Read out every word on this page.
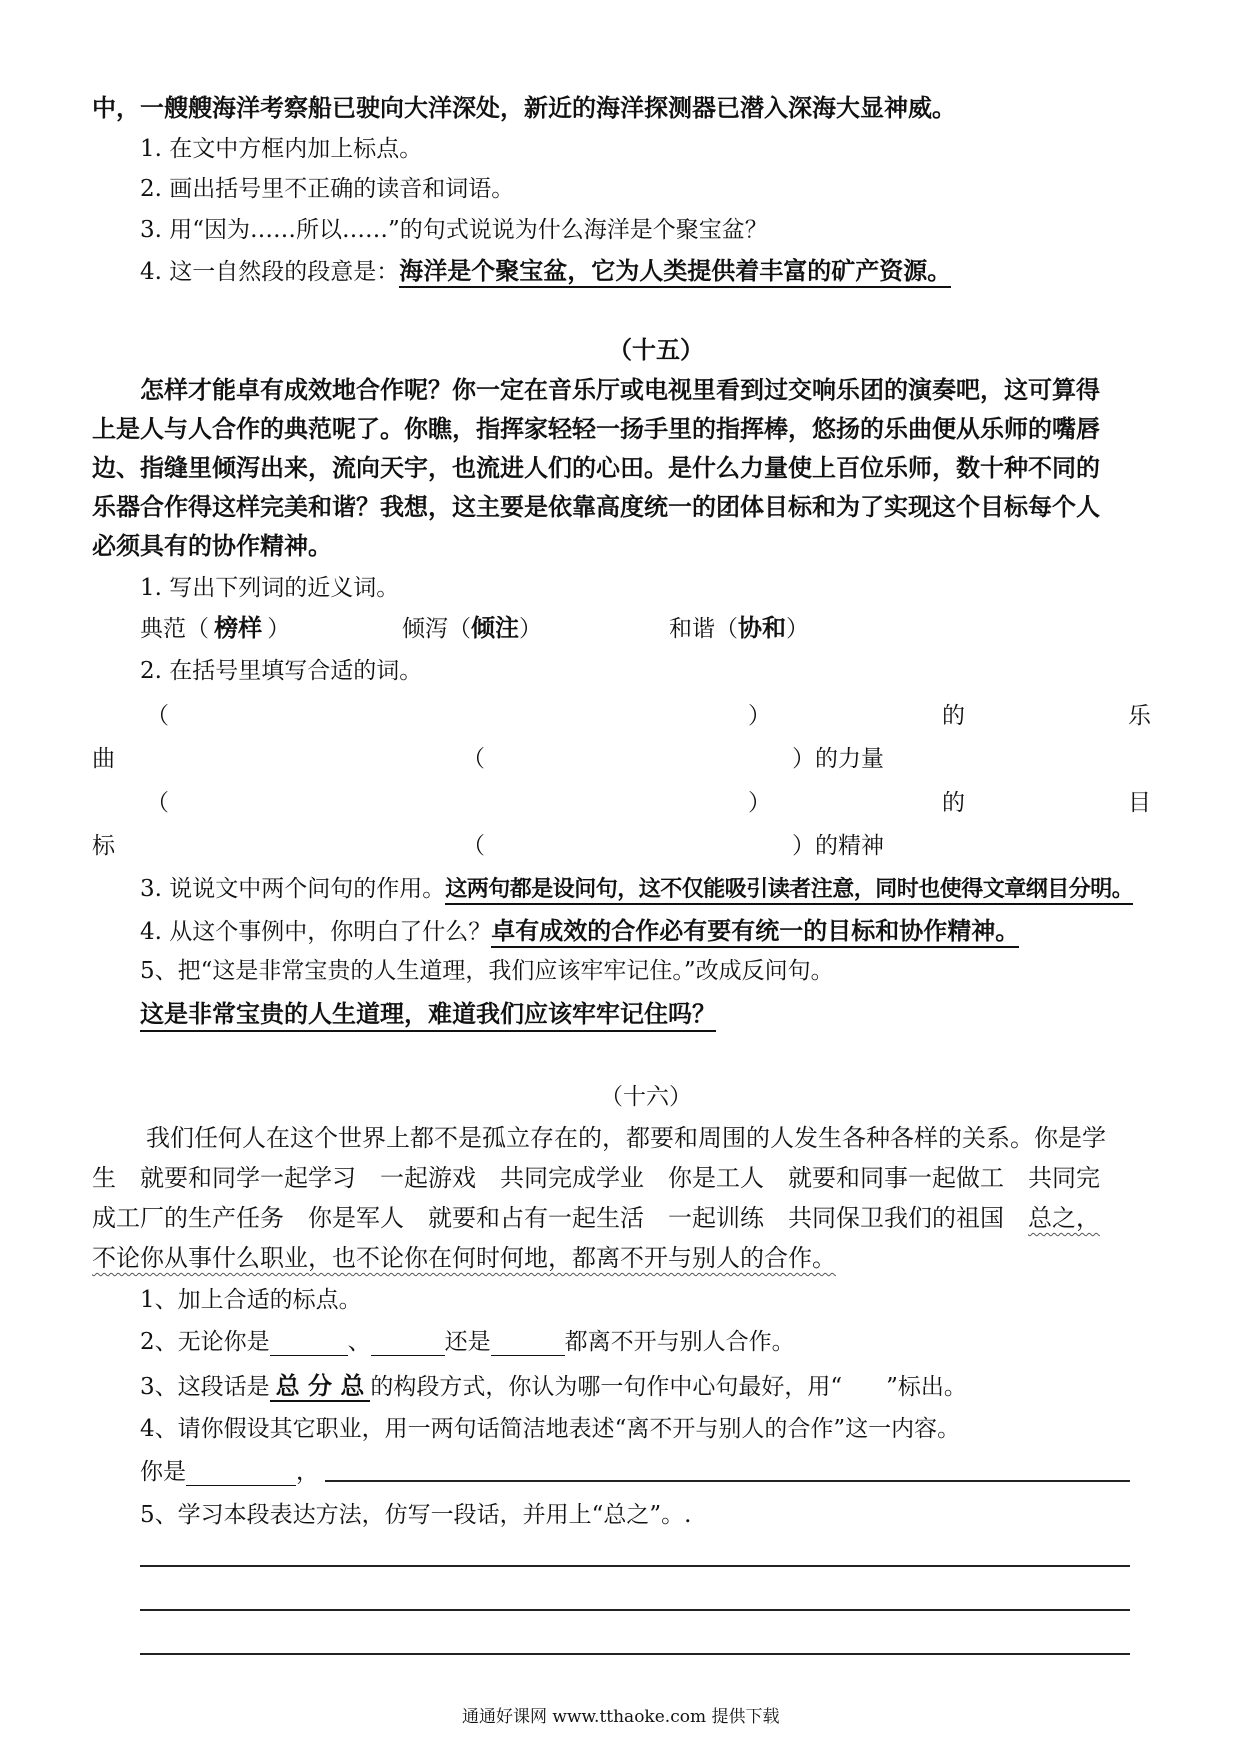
中，一艘艘海洋考察船已驶向大洋深处，新近的海洋探测器已潜入深海大显神威。
1. 在文中方框内加上标点。
2. 画出括号里不正确的读音和词语。
3. 用“因为……所以……”的句式说说为什么海洋是个聚宝盆？
4. 这一自然段的段意是：海洋是个聚宝盆，它为人类提供着丰富的矿产资源。
（十五）
怎样才能卓有成效地合作呢？你一定在音乐厅或电视里看到过交响乐团的演奏吧，这可算得
上是人与人合作的典范呢了。你瞧，指挥家轻轻一扬手里的指挥棒，悠扬的乐曲便从乐师的嘴唇
边、指缝里倾泻出来，流向天宇，也流进人们的心田。是什么力量使上百位乐师，数十种不同的
乐器合作得这样完美和谐？我想，这主要是依靠高度统一的团体目标和为了实现这个目标每个人
必须具有的协作精神。
1. 写出下列词的近义词。
典范（ 榜样 ）	倾泻（倾注）	和谐（协和）
2. 在括号里填写合适的词。
（	）	的	乐
曲	（	）的力量
（	）	的	目
标	（	）的精神
3. 说说文中两个问句的作用。这两句都是设问句，这不仅能吸引读者注意，同时也使得文章纲目分明。
4. 从这个事例中，你明白了什么？卓有成效的合作必有要有统一的目标和协作精神。
5、把“这是非常宝贵的人生道理，我们应该牢牢记住。”改成反问句。
这是非常宝贵的人生道理，难道我们应该牢牢记住吗？
（十六）
我们任何人在这个世界上都不是孤立存在的，都要和周围的人发生各种各样的关系。你是学
生　就要和同学一起学习　一起游戏　共同完成学业　你是工人　就要和同事一起做工　共同完
成工厂的生产任务　你是军人　就要和占有一起生活　一起训练　共同保卫我们的祖国　总之，
不论你从事什么职业，也不论你在何时何地，都离不开与别人的合作。
1、加上合适的标点。
2、无论你是	、	还是	都离不开与别人合作。
3、这段话是 总 分 总 的构段方式，你认为哪一句作中心句最好，用“ ”标出。
4、请你假设其它职业，用一两句话简洁地表述“离不开与别人的合作”这一内容。
你是	，
5、学习本段表达方法，仿写一段话，并用上“总之”。.
通通好课网 www.tthaoke.com 提供下载
